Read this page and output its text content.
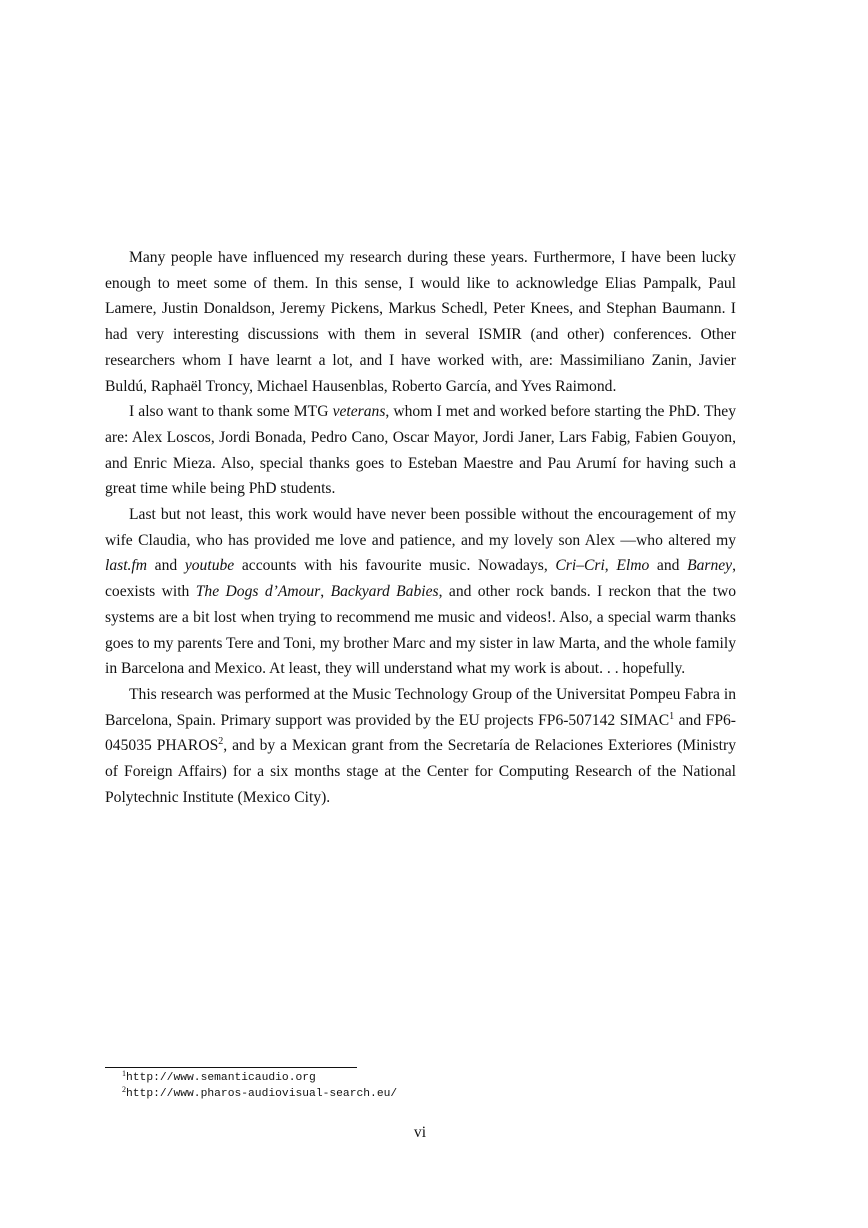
Many people have influenced my research during these years. Furthermore, I have been lucky enough to meet some of them. In this sense, I would like to acknowledge Elias Pampalk, Paul Lamere, Justin Donaldson, Jeremy Pickens, Markus Schedl, Peter Knees, and Stephan Baumann. I had very interesting discussions with them in several ISMIR (and other) conferences. Other researchers whom I have learnt a lot, and I have worked with, are: Massimiliano Zanin, Javier Buldú, Raphaël Troncy, Michael Hausenblas, Roberto García, and Yves Raimond.

I also want to thank some MTG veterans, whom I met and worked before starting the PhD. They are: Alex Loscos, Jordi Bonada, Pedro Cano, Oscar Mayor, Jordi Janer, Lars Fabig, Fabien Gouyon, and Enric Mieza. Also, special thanks goes to Esteban Maestre and Pau Arumí for having such a great time while being PhD students.

Last but not least, this work would have never been possible without the encouragement of my wife Claudia, who has provided me love and patience, and my lovely son Alex —who altered my last.fm and youtube accounts with his favourite music. Nowadays, Cri–Cri, Elmo and Barney, coexists with The Dogs d’Amour, Backyard Babies, and other rock bands. I reckon that the two systems are a bit lost when trying to recommend me music and videos!. Also, a special warm thanks goes to my parents Tere and Toni, my brother Marc and my sister in law Marta, and the whole family in Barcelona and Mexico. At least, they will understand what my work is about. . . hopefully.

This research was performed at the Music Technology Group of the Universitat Pompeu Fabra in Barcelona, Spain. Primary support was provided by the EU projects FP6-507142 SIMAC$^1$ and FP6-045035 PHAROS$^2$, and by a Mexican grant from the Secretaría de Relaciones Exteriores (Ministry of Foreign Affairs) for a six months stage at the Center for Computing Research of the National Polytechnic Institute (Mexico City).

$^1$http://www.semanticaudio.org
$^2$http://www.pharos-audiovisual-search.eu/
vi
